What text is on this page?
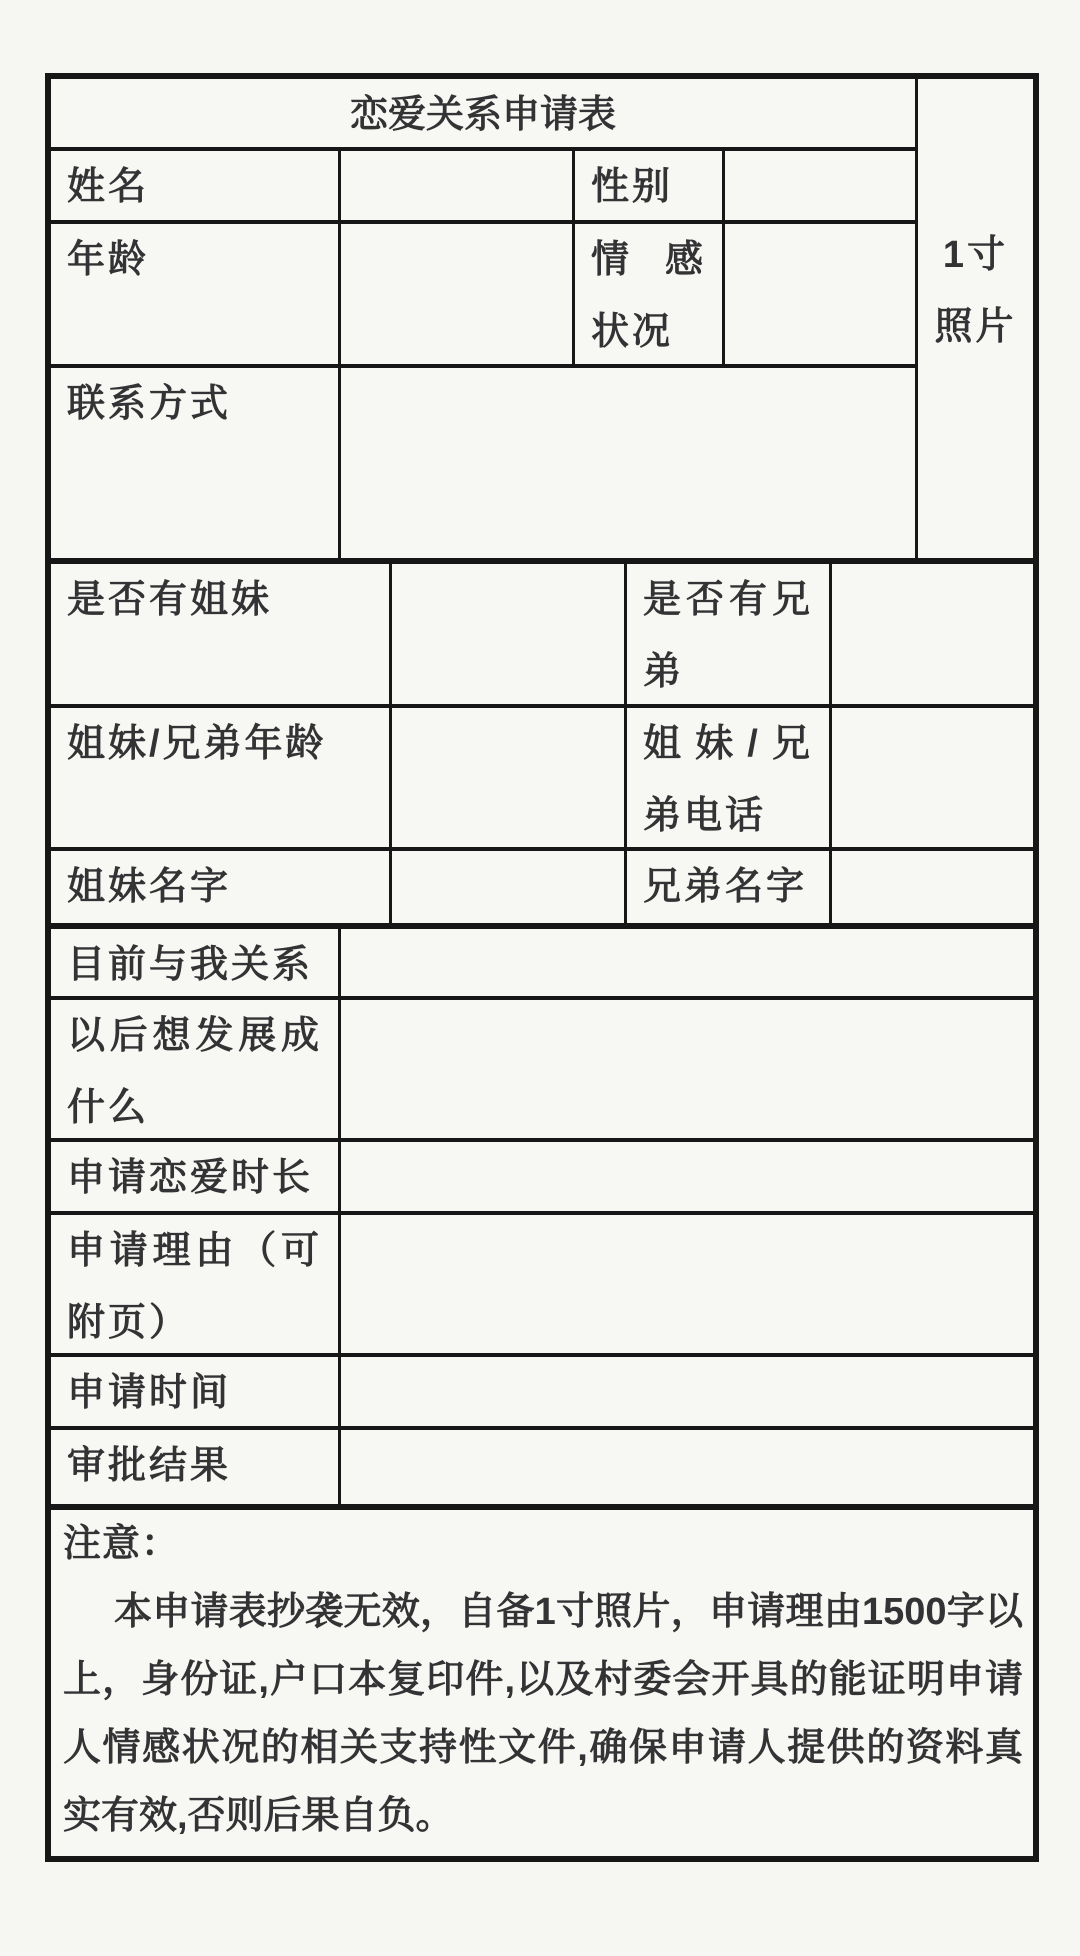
恋爱关系申请表
姓名	性别
年龄	情感状况
联系方式
1寸照片
是否有姐妹	是否有兄弟
姐妹/兄弟年龄	姐妹/兄弟电话
姐妹名字	兄弟名字
目前与我关系
以后想发展成什么
申请恋爱时长
申请理由（可附页）
申请时间
审批结果
注意：

本申请表抄袭无效，自备1寸照片，申请理由1500字以上，身份证,户口本复印件,以及村委会开具的能证明申请人情感状况的相关支持性文件,确保申请人提供的资料真实有效,否则后果自负。
